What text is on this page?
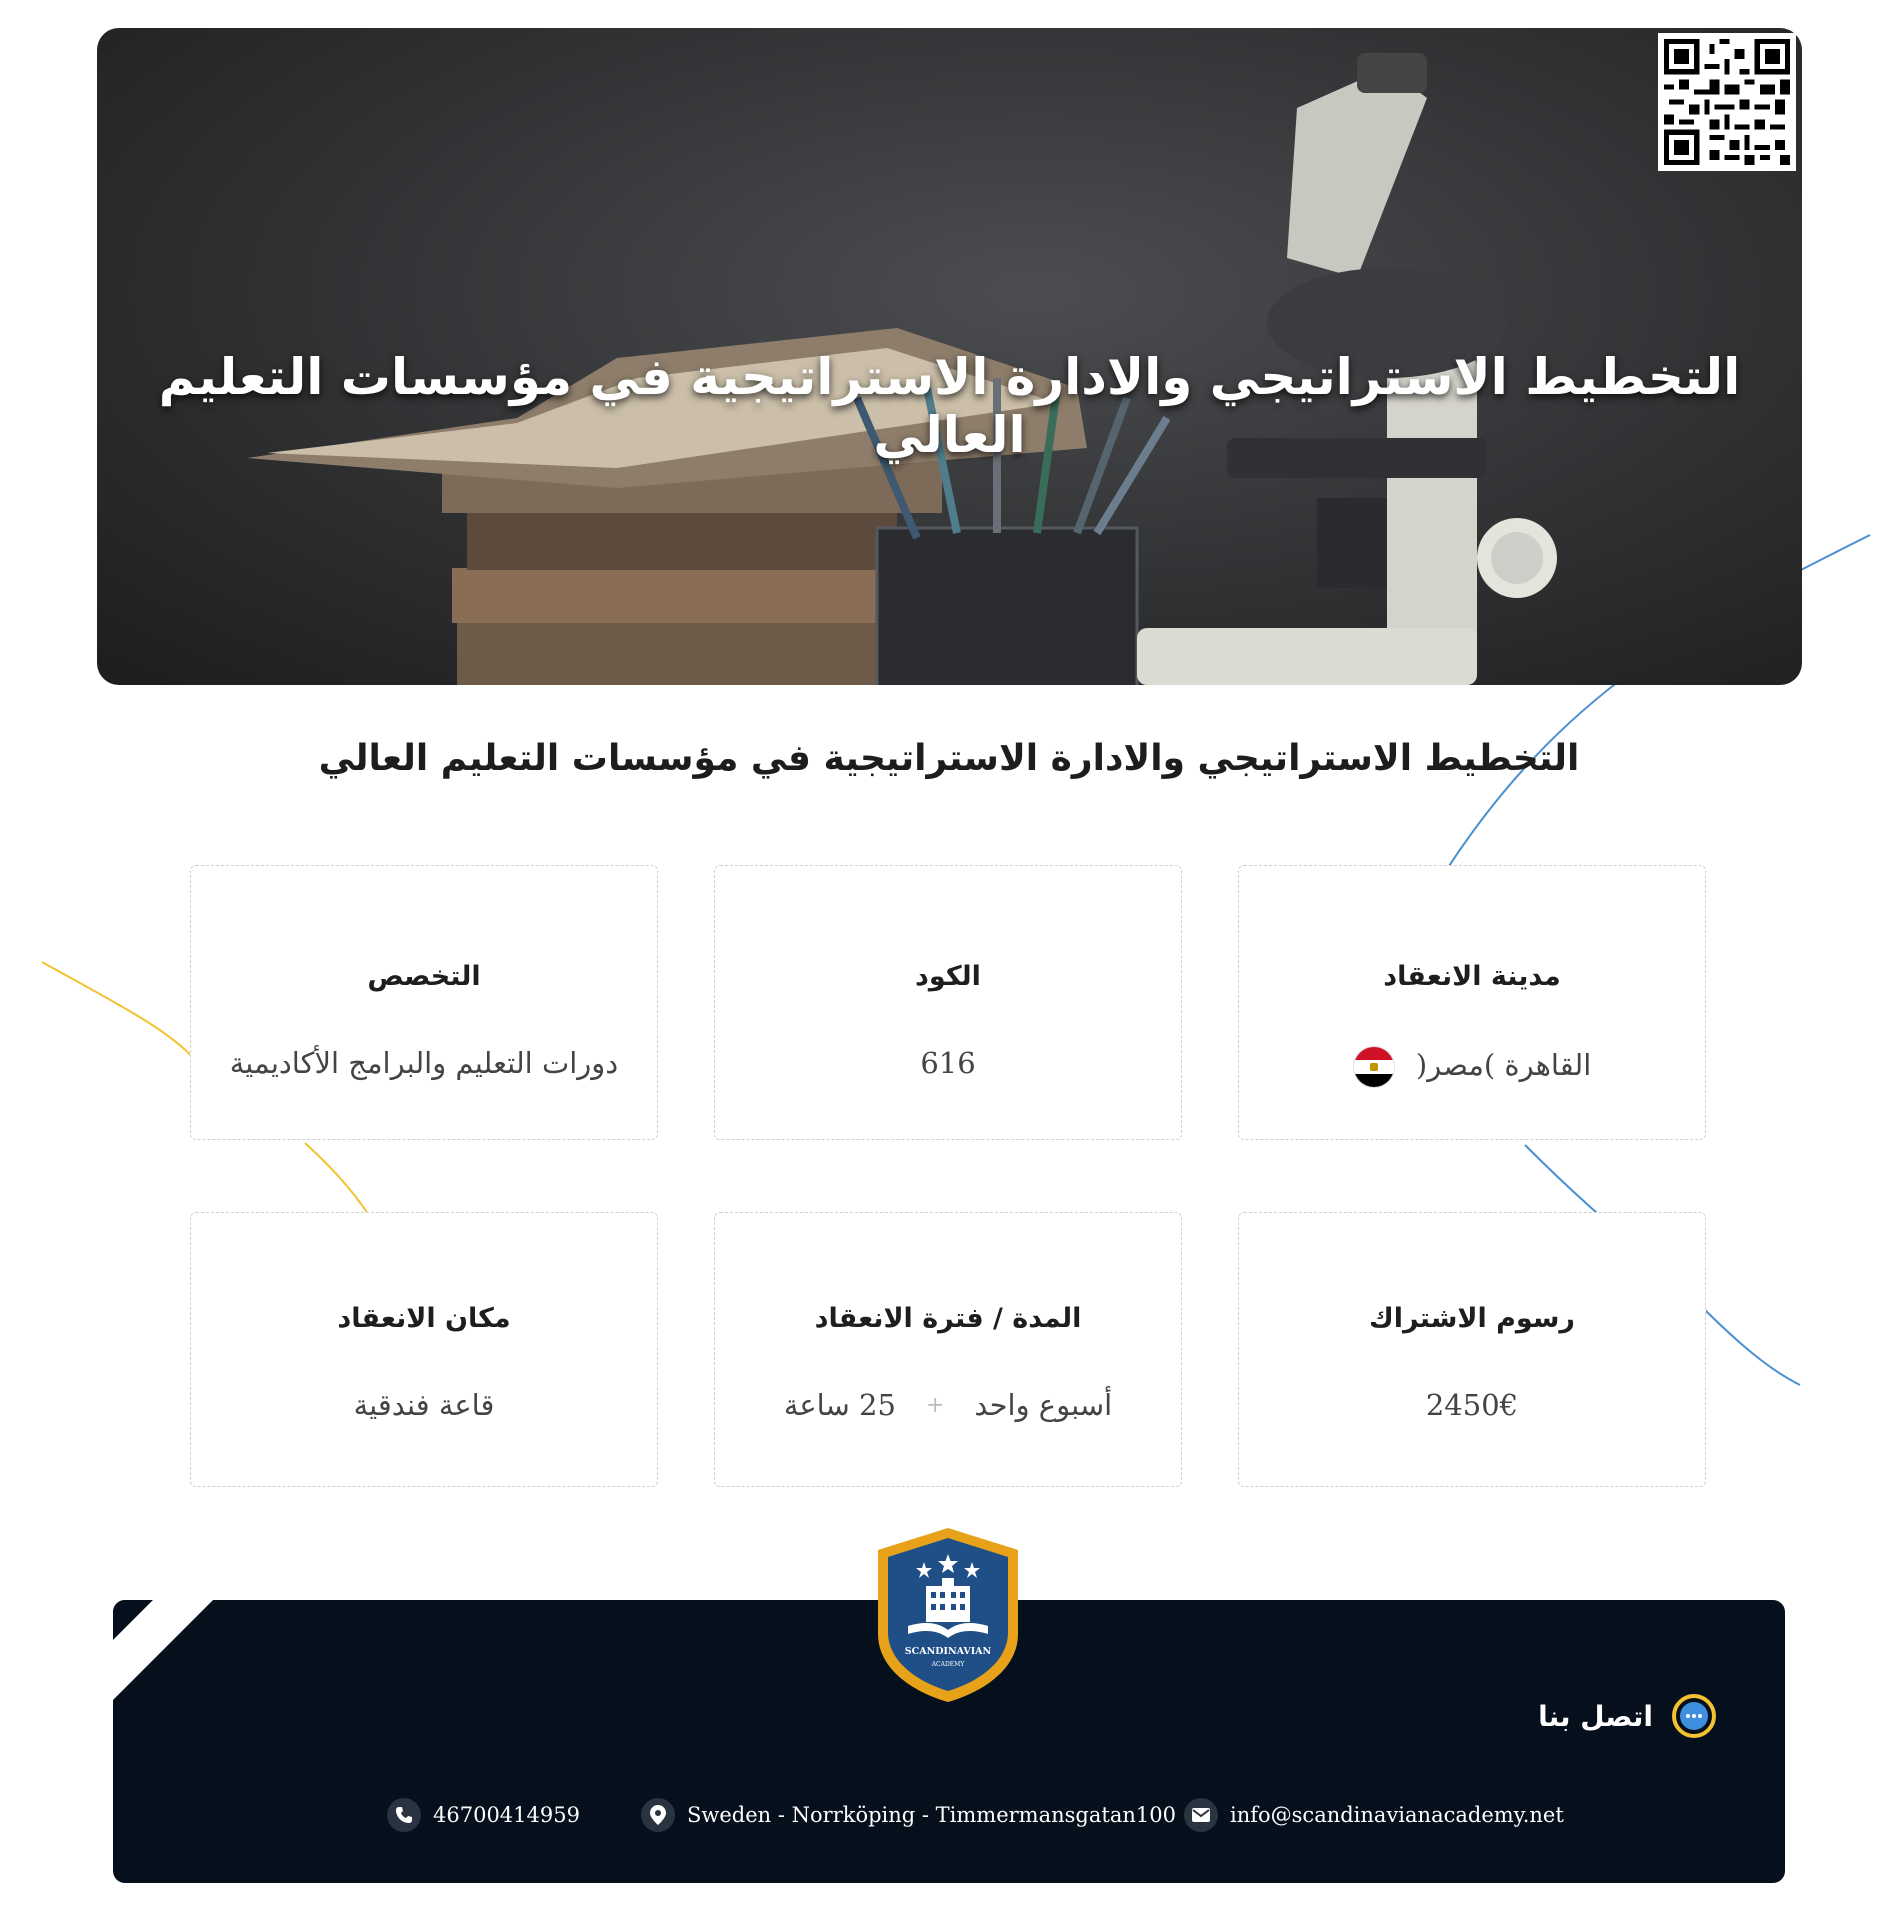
التخطيط الاستراتيجي والادارة الاستراتيجية في مؤسسات التعليم العالي
التخطيط الاستراتيجي والادارة الاستراتيجية في مؤسسات التعليم العالي
مدينة الانعقاد
القاهرة )مصر(
الكود
616
التخصص
دورات التعليم والبرامج الأكاديمية
رسوم الاشتراك
2450€
المدة / فترة الانعقاد
أسبوع واحد
+
25 ساعة
مكان الانعقاد
قاعة فندقية
اتصل بنا
info@scandinavianacademy.net
Sweden - Norrköping - Timmermansgatan100
46700414959
SCANDINAVIAN
ACADEMY
